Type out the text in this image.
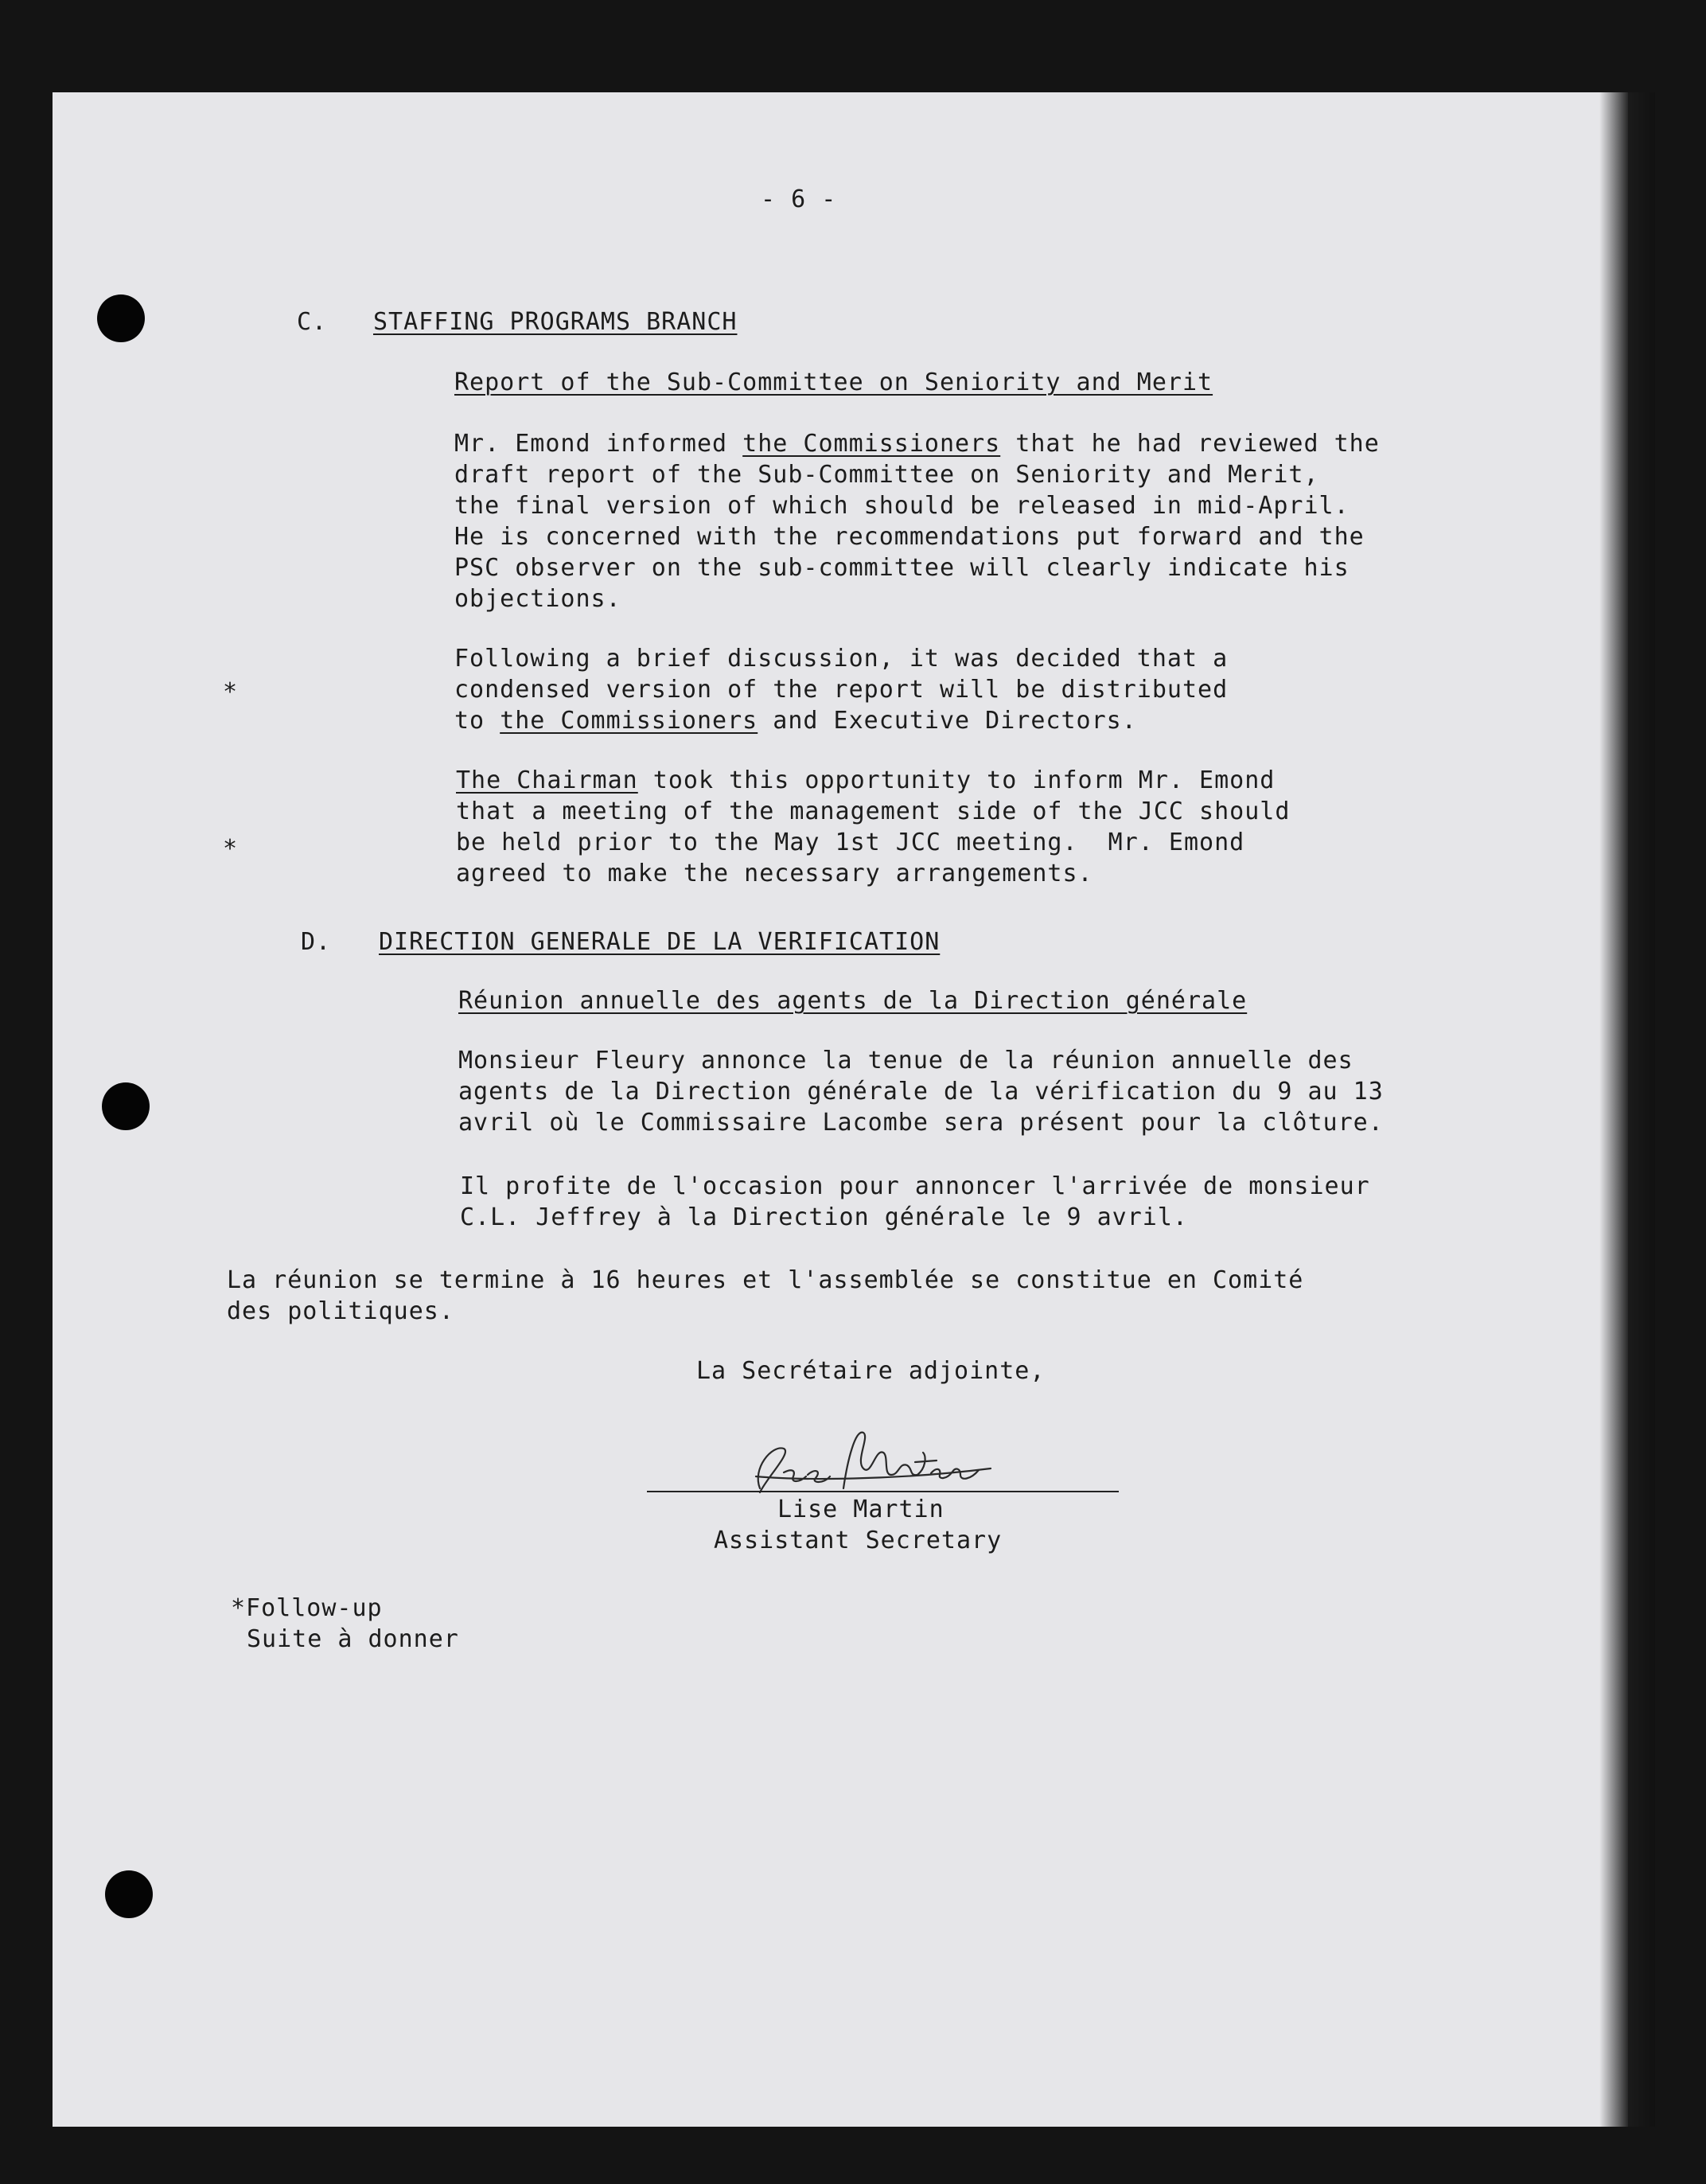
- 6 -
C. STAFFING PROGRAMS BRANCH
Report of the Sub-Committee on Seniority and Merit
Mr. Emond informed the Commissioners that he had reviewed the
draft report of the Sub-Committee on Seniority and Merit,
the final version of which should be released in mid-April.
He is concerned with the recommendations put forward and the
PSC observer on the sub-committee will clearly indicate his
objections.
*
Following a brief discussion, it was decided that a
condensed version of the report will be distributed
to the Commissioners and Executive Directors.
The Chairman took this opportunity to inform Mr. Emond
that a meeting of the management side of the JCC should
*	be held prior to the May 1st JCC meeting.  Mr. Emond
agreed to make the necessary arrangements.
D. DIRECTION GENERALE DE LA VERIFICATION
Réunion annuelle des agents de la Direction générale
Monsieur Fleury annonce la tenue de la réunion annuelle des
agents de la Direction générale de la vérification du 9 au 13
avril où le Commissaire Lacombe sera présent pour la clôture.
Il profite de l'occasion pour annoncer l'arrivée de monsieur
C.L. Jeffrey à la Direction générale le 9 avril.
La réunion se termine à 16 heures et l'assemblée se constitue en Comité
des politiques.
La Secrétaire adjointe,
Lise Martin
Assistant Secretary
*Follow-up
Suite à donner
